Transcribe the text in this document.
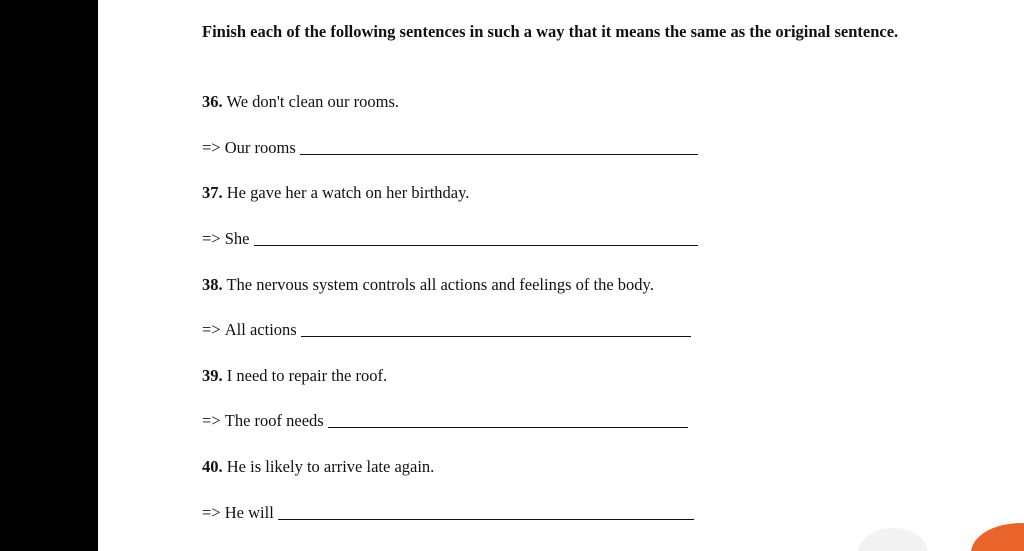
Finish each of the following sentences in such a way that it means the same as the original sentence.
36. We don't clean our rooms.
=>
Our rooms
37. He gave her a watch on her birthday.
=>
She
38. The nervous system controls all actions and feelings of the body.
=>
All actions
39. I need to repair the roof.
=>
The roof needs
40. He is likely to arrive late again.
=>
He will
